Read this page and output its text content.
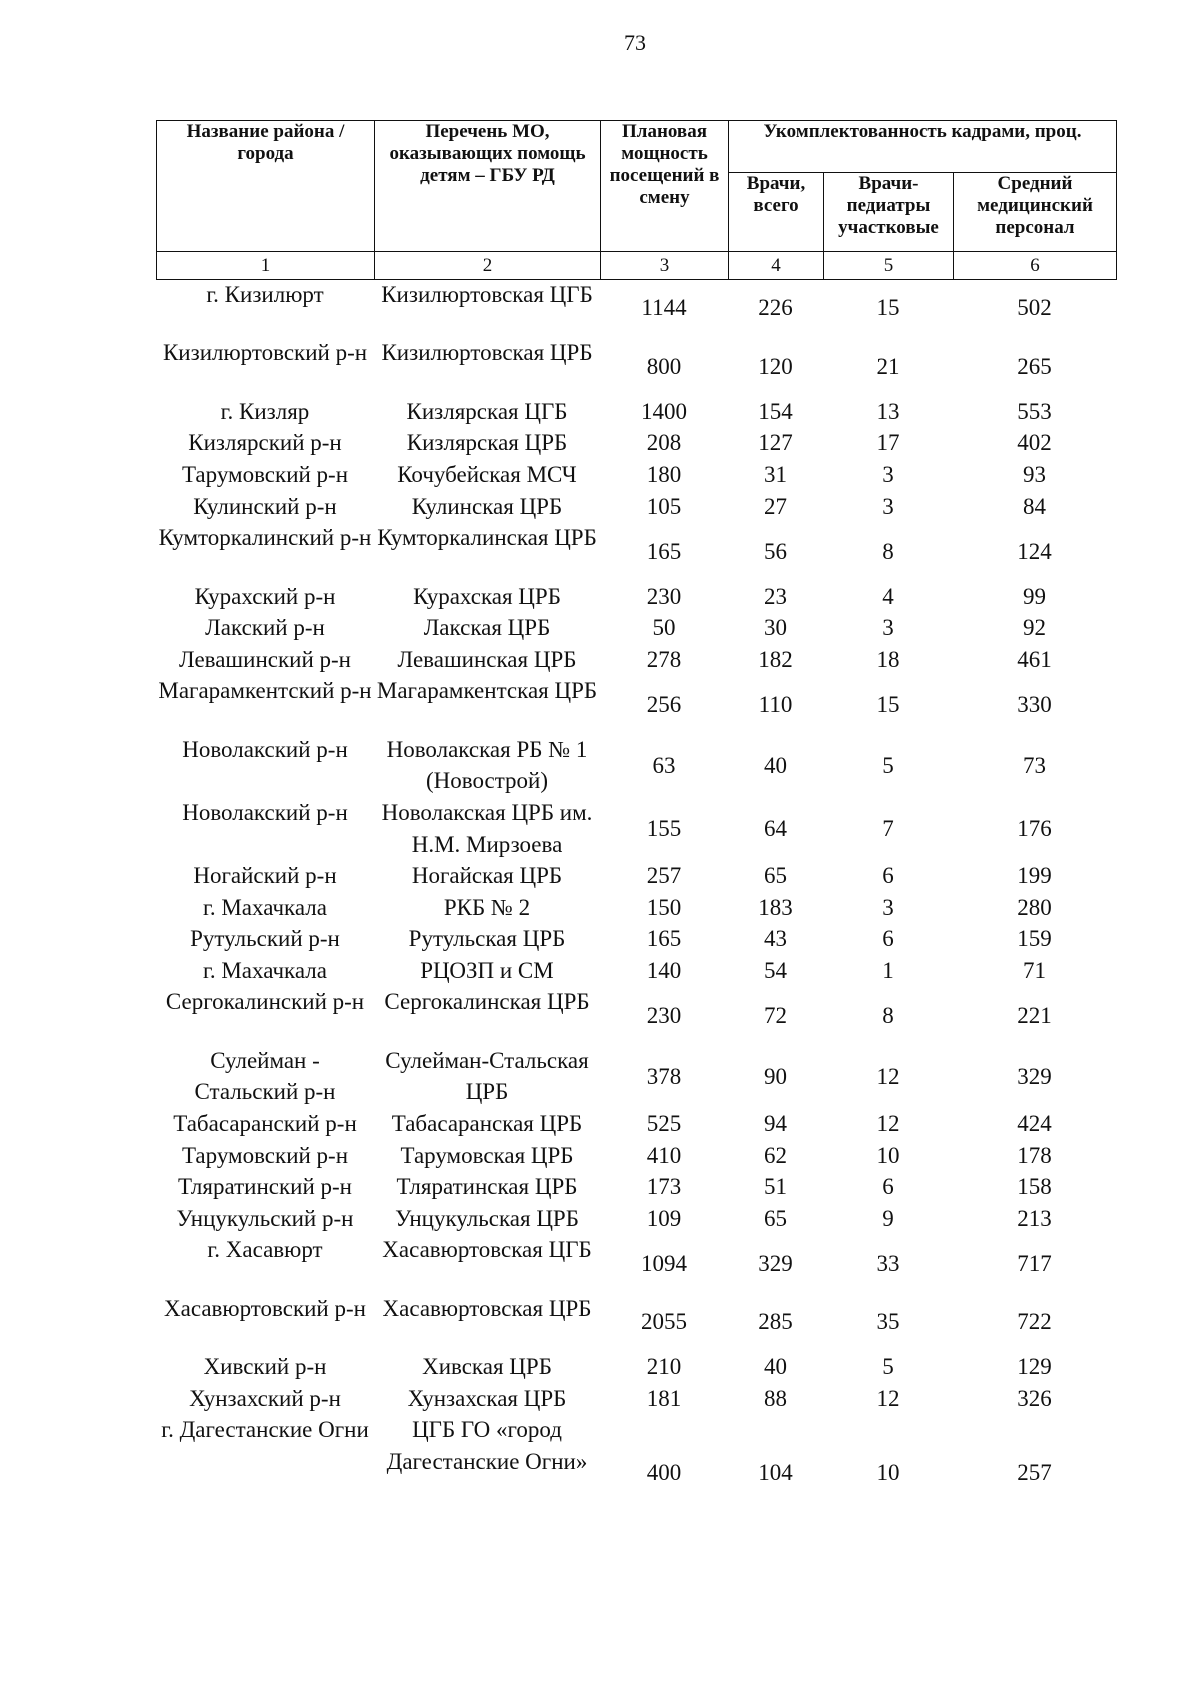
73
Название района / города	Перечень МО, оказывающих помощь детям – ГБУ РД	Плановая мощность посещений в смену	Укомплектованность кадрами, проц.		
			Врачи, всего	Врачи-педиатры участковые	Средний медицинский персонал
1	2	3	4	5	6
г. Кизилюрт	Кизилюртовская ЦГБ	1144	226	15	502
Кизилюртовский р-н	Кизилюртовская ЦРБ	800	120	21	265
г. Кизляр	Кизлярская ЦГБ	1400	154	13	553
Кизлярский р-н	Кизлярская ЦРБ	208	127	17	402
Тарумовский р-н	Кочубейская МСЧ	180	31	3	93
Кулинский р-н	Кулинская ЦРБ	105	27	3	84
Кумторкалинский р-н	Кумторкалинская ЦРБ	165	56	8	124
Курахский р-н	Курахская ЦРБ	230	23	4	99
Лакский р-н	Лакская ЦРБ	50	30	3	92
Левашинский р-н	Левашинская ЦРБ	278	182	18	461
Магарамкентский р-н	Магарамкентская ЦРБ	256	110	15	330
Новолакский р-н	Новолакская РБ № 1 (Новострой)	63	40	5	73
Новолакский р-н	Новолакская ЦРБ им. Н.М. Мирзоева	155	64	7	176
Ногайский р-н	Ногайская ЦРБ	257	65	6	199
г. Махачкала	РКБ № 2	150	183	3	280
Рутульский р-н	Рутульская ЦРБ	165	43	6	159
г. Махачкала	РЦОЗП и СМ	140	54	1	71
Сергокалинский р-н	Сергокалинская ЦРБ	230	72	8	221
Сулейман - Стальский р-н	Сулейман-Стальская ЦРБ	378	90	12	329
Табасаранский р-н	Табасаранская ЦРБ	525	94	12	424
Тарумовский р-н	Тарумовская ЦРБ	410	62	10	178
Тляратинский р-н	Тляратинская ЦРБ	173	51	6	158
Унцукульский р-н	Унцукульская ЦРБ	109	65	9	213
г. Хасавюрт	Хасавюртовская ЦГБ	1094	329	33	717
Хасавюртовский р-н	Хасавюртовская ЦРБ	2055	285	35	722
Хивский р-н	Хивская ЦРБ	210	40	5	129
Хунзахский р-н	Хунзахская ЦРБ	181	88	12	326
г. Дагестанские Огни	ЦГБ ГО «город Дагестанские Огни»	400	104	10	257
